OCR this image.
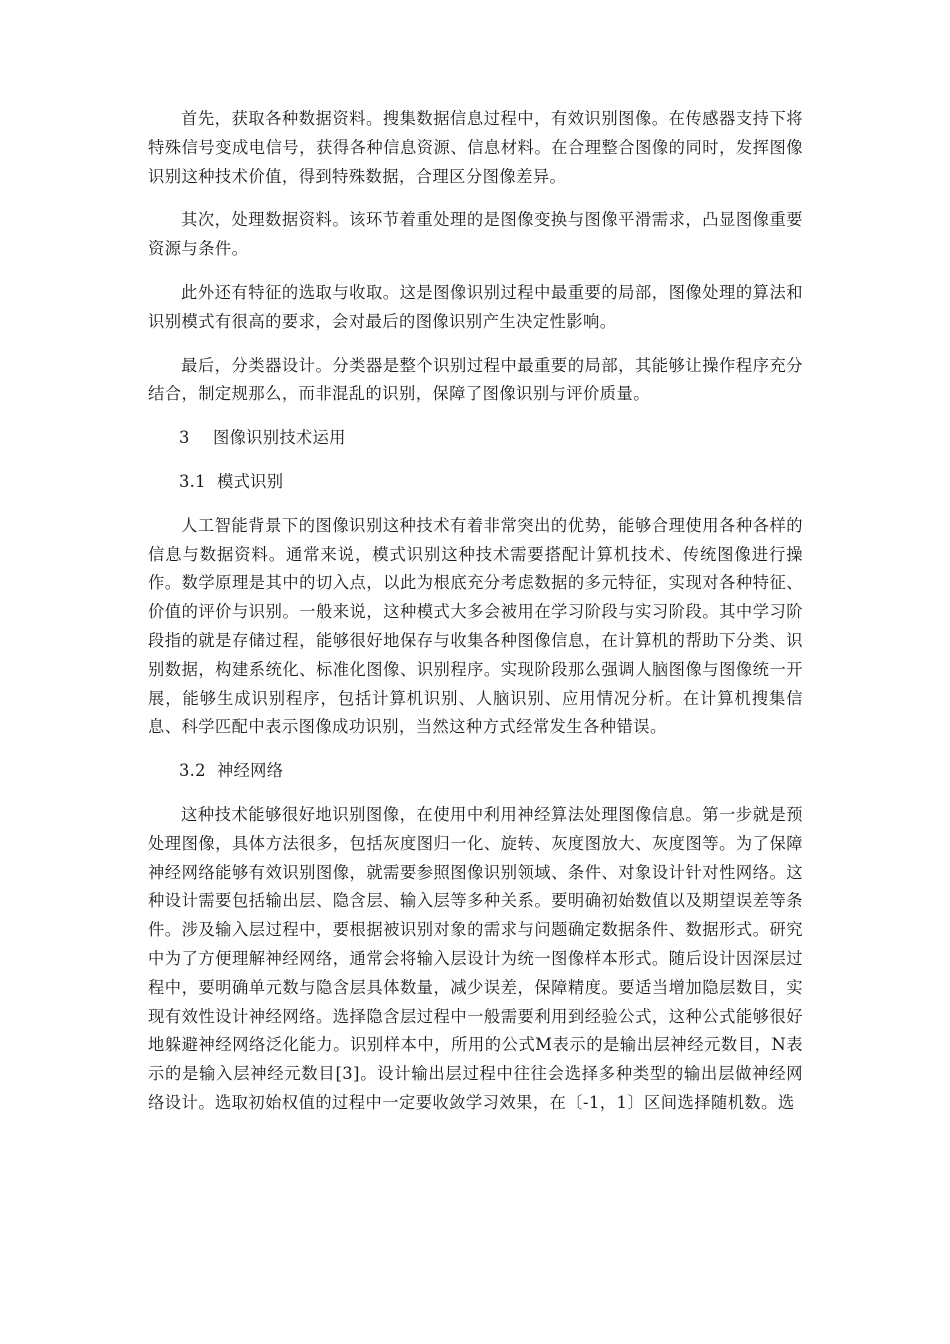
首先，获取各种数据资料。搜集数据信息过程中，有效识别图像。在传感器支持下将特殊信号变成电信号，获得各种信息资源、信息材料。在合理整合图像的同时，发挥图像识别这种技术价值，得到特殊数据，合理区分图像差异。

其次，处理数据资料。该环节着重处理的是图像变换与图像平滑需求，凸显图像重要资源与条件。

此外还有特征的选取与收取。这是图像识别过程中最重要的局部，图像处理的算法和识别模式有很高的要求，会对最后的图像识别产生决定性影响。

最后，分类器设计。分类器是整个识别过程中最重要的局部，其能够让操作程序充分结合，制定规那么，而非混乱的识别，保障了图像识别与评价质量。

3 图像识别技术运用
3.1 模式识别

人工智能背景下的图像识别这种技术有着非常突出的优势，能够合理使用各种各样的信息与数据资料。通常来说，模式识别这种技术需要搭配计算机技术、传统图像进行操作。数学原理是其中的切入点，以此为根底充分考虑数据的多元特征，实现对各种特征、价值的评价与识别。一般来说，这种模式大多会被用在学习阶段与实习阶段。其中学习阶段指的就是存储过程，能够很好地保存与收集各种图像信息，在计算机的帮助下分类、识别数据，构建系统化、标准化图像、识别程序。实现阶段那么强调人脑图像与图像统一开展，能够生成识别程序，包括计算机识别、人脑识别、应用情况分析。在计算机搜集信息、科学匹配中表示图像成功识别，当然这种方式经常发生各种错误。

3.2 神经网络

这种技术能够很好地识别图像，在使用中利用神经算法处理图像信息。第一步就是预处理图像，具体方法很多，包括灰度图归一化、旋转、灰度图放大、灰度图等。为了保障神经网络能够有效识别图像，就需要参照图像识别领域、条件、对象设计针对性网络。这种设计需要包括输出层、隐含层、输入层等多种关系。要明确初始数值以及期望误差等条件。涉及输入层过程中，要根据被识别对象的需求与问题确定数据条件、数据形式。研究中为了方便理解神经网络，通常会将输入层设计为统一图像样本形式。随后设计因深层过程中，要明确单元数与隐含层具体数量，减少误差，保障精度。要适当增加隐层数目，实现有效性设计神经网络。选择隐含层过程中一般需要利用到经验公式，这种公式能够很好地躲避神经网络泛化能力。识别样本中，所用的公式M表示的是输出层神经元数目，N表示的是输入层神经元数目[3]。设计输出层过程中往往会选择多种类型的输出层做神经网络设计。选取初始权值的过程中一定要收敛学习效果，在〔-1，1〕区间选择随机数。选
